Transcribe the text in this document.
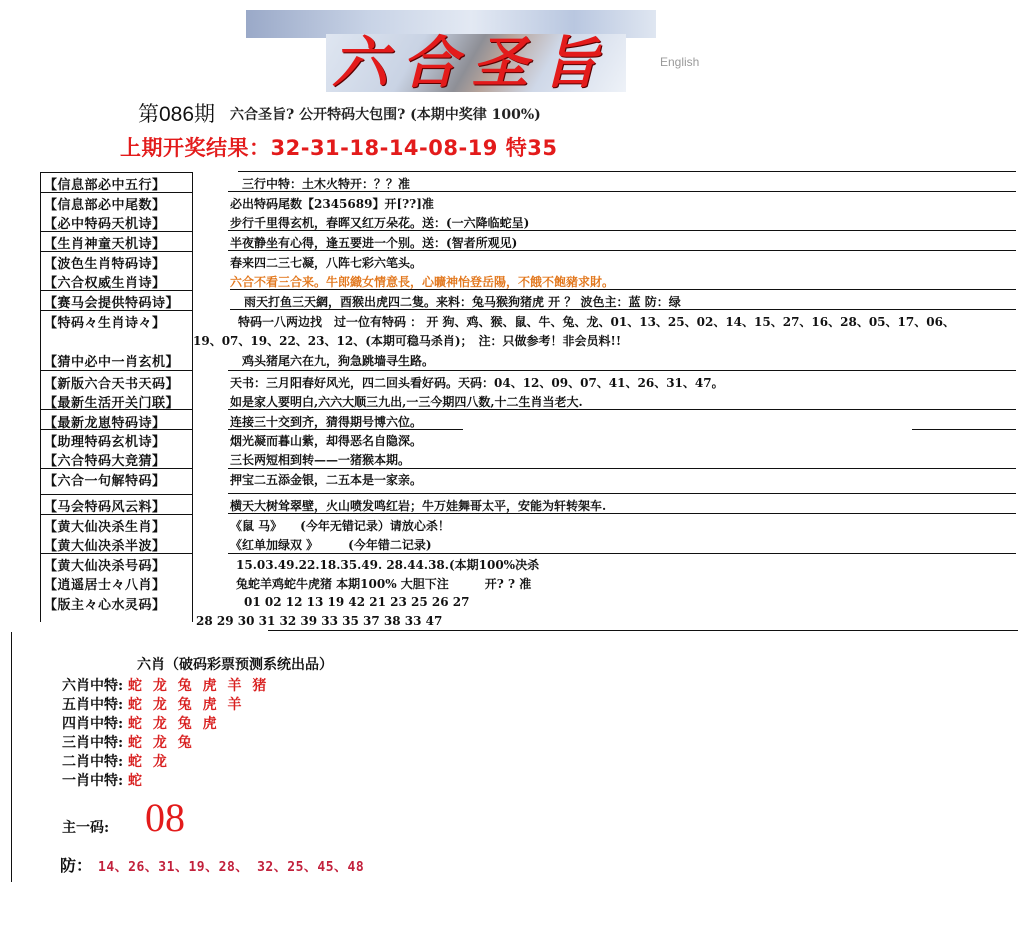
六合圣旨	English
第086期 六合圣旨? 公开特码大包围? (本期中奖律 100%)
上期开奖结果：32-31-18-14-08-19 特35
【信息部必中五行】
【信息部必中尾数】
【必中特码天机诗】
【生肖神童天机诗】
【波色生肖特码诗】
【六合权威生肖诗】
【赛马会提供特码诗】
【特码々生肖诗々】
【猜中必中一肖玄机】
【新版六合天书天码】
【最新生活开关门联】
【最新龙崽特码诗】
【助理特码玄机诗】
【六合特码大竞猜】
【六合一句解特码】
【马会特码风云料】
【黄大仙决杀生肖】
【黄大仙决杀半波】
【黄大仙决杀号码】
【逍遥居士々八肖】
【版主々心水灵码】
三行中特：土木火特开：？？准
必出特码尾数【2345689】开[??]准
步行千里得玄机，春晖又红万朵花。送：(一六降临蛇呈)
半夜静坐有心得，逢五要进一个别。送：(智者所观见)
春来四二三七凝，八阵七彩六笔头。
六合不看三合来。牛郎織女情意長，心曠神怡登岳陽，不餓不飽豬求財。
雨天打鱼三天網，酉猴出虎四二隻。来料：兔马猴狗猪虎 开 ？ 波色主：蓝 防：绿
特码一八两边找　过一位有特码 ： 开 狗、鸡、猴、鼠、牛、兔、龙、01、13、25、02、14、15、27、16、28、05、17、06、
19、07、19、22、23、12、(本期可稳马杀肖)；　注：只做参考！非会员料!!
鸡头猪尾六在九，狗急跳墙寻生路。
天书：三月阳春好风光，四二回头看好码。天码：04、12、09、07、41、26、31、47。
如是家人要明白,六六大顺三九出,一三今期四八数,十二生肖当老大.
连接三十交到齐，猜得期号博六位。
烟光凝而暮山紫，却得恶名自隐深。
三长两短相到转——一猪猴本期。
押宝二五添金银，二五本是一家亲。
横天大树耸翠壁，火山喷发鸣红岩；牛万娃舞哥太平，安能为轩转架车.
《鼠 马》　　(今年无错记录）请放心杀！
《红单加绿双 》　　　(今年错二记录)
15.03.49.22.18.35.49. 28.44.38.(本期100%决杀
兔蛇羊鸡蛇牛虎猪 本期100% 大胆下注　　　开? ? 准
01 02 12 13 19 42 21 23 25 26 27
28 29 30 31 32 39 33 35 37 38 33 47
六肖（破码彩票预测系统出品）
六肖中特: 蛇 龙 兔 虎 羊 猪
五肖中特: 蛇 龙 兔 虎 羊
四肖中特: 蛇 龙 兔 虎
三肖中特: 蛇 龙 兔
二肖中特: 蛇 龙
一肖中特: 蛇
主一码: 08
防： 14、26、31、19、28、 32、25、45、48
